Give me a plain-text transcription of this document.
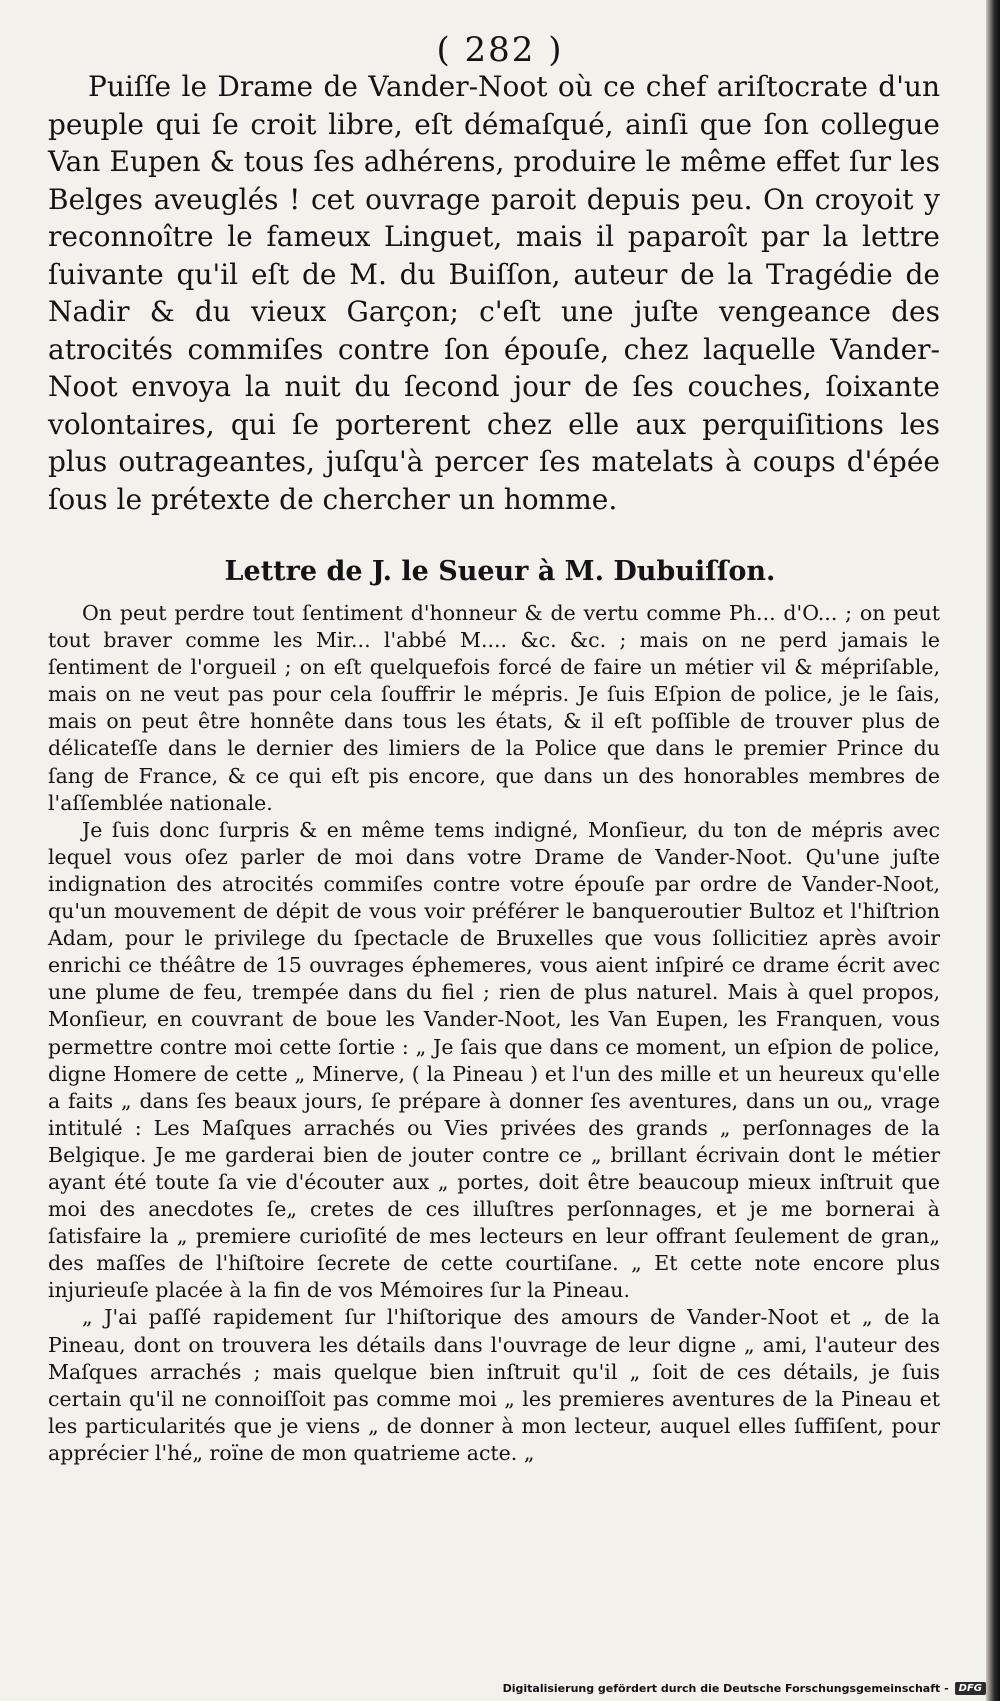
( 282 )
Puiſſe le Drame de Vander-Noot où ce chef ariſtocrate d'un peuple qui ſe croit libre, eſt démaſqué, ainſi que ſon collegue Van Eupen & tous ſes adhérens, produire le même effet ſur les Belges aveuglés ! cet ouvrage paroit depuis peu. On croyoit y reconnoître le fameux Linguet, mais il paparoît par la lettre ſuivante qu'il eſt de M. du Buiſſon, auteur de la Tragédie de Nadir & du vieux Garçon; c'eſt une juſte vengeance des atrocités commiſes contre ſon épouſe, chez laquelle Vander-Noot envoya la nuit du ſecond jour de ſes couches, ſoixante volontaires, qui ſe porterent chez elle aux perquiſitions les plus outrageantes, juſqu'à percer ſes matelats à coups d'épée ſous le prétexte de chercher un homme.
Lettre de J. le Sueur à M. Dubuiſſon.

On peut perdre tout ſentiment d'honneur & de vertu comme Ph... d'O... ; on peut tout braver comme les Mir... l'abbé M.... &c. &c. ; mais on ne perd jamais le ſentiment de l'orgueil ; on eſt quelquefois forcé de faire un métier vil & mépriſable, mais on ne veut pas pour cela ſouffrir le mépris. Je ſuis Eſpion de police, je le ſais, mais on peut être honnête dans tous les états, & il eſt poſſible de trouver plus de délicateſſe dans le dernier des limiers de la Police que dans le premier Prince du ſang de France, & ce qui eſt pis encore, que dans un des honorables membres de l'aſſemblée nationale.

Je ſuis donc ſurpris & en même tems indigné, Monſieur, du ton de mépris avec lequel vous oſez parler de moi dans votre Drame de Vander-Noot. Qu'une juſte indignation des atrocités commiſes contre votre épouſe par ordre de Vander-Noot, qu'un mouvement de dépit de vous voir préférer le banqueroutier Bultoz et l'hiſtrion Adam, pour le privilege du ſpectacle de Bruxelles que vous ſollicitiez après avoir enrichi ce théâtre de 15 ouvrages éphemeres, vous aient inſpiré ce drame écrit avec une plume de feu, trempée dans du fiel ; rien de plus naturel. Mais à quel propos, Monſieur, en couvrant de boue les Vander-Noot, les Van Eupen, les Franquen, vous permettre contre moi cette ſortie : „ Je ſais que dans ce moment, un eſpion de police, digne Homere de cette „ Minerve, ( la Pineau ) et l'un des mille et un heureux qu'elle a faits „ dans ſes beaux jours, ſe prépare à donner ſes aventures, dans un ou„ vrage intitulé : Les Maſques arrachés ou Vies privées des grands „ perſonnages de la Belgique. Je me garderai bien de jouter contre ce „ brillant écrivain dont le métier ayant été toute ſa vie d'écouter aux „ portes, doit être beaucoup mieux inſtruit que moi des anecdotes ſe„ cretes de ces illuſtres perſonnages, et je me bornerai à ſatisfaire la „ premiere curioſité de mes lecteurs en leur offrant ſeulement de gran„ des maſſes de l'hiſtoire ſecrete de cette courtiſane. „ Et cette note encore plus injurieuſe placée à la fin de vos Mémoires ſur la Pineau.

„ J'ai paſſé rapidement ſur l'hiſtorique des amours de Vander-Noot et „ de la Pineau, dont on trouvera les détails dans l'ouvrage de leur digne „ ami, l'auteur des Maſques arrachés ; mais quelque bien inſtruit qu'il „ ſoit de ces détails, je ſuis certain qu'il ne connoiſſoit pas comme moi „ les premieres aventures de la Pineau et les particularités que je viens „ de donner à mon lecteur, auquel elles ſuffiſent, pour apprécier l'hé„ roïne de mon quatrieme acte. „

Digitalisierung gefördert durch die Deutsche Forschungsgemeinschaft -	DFG
